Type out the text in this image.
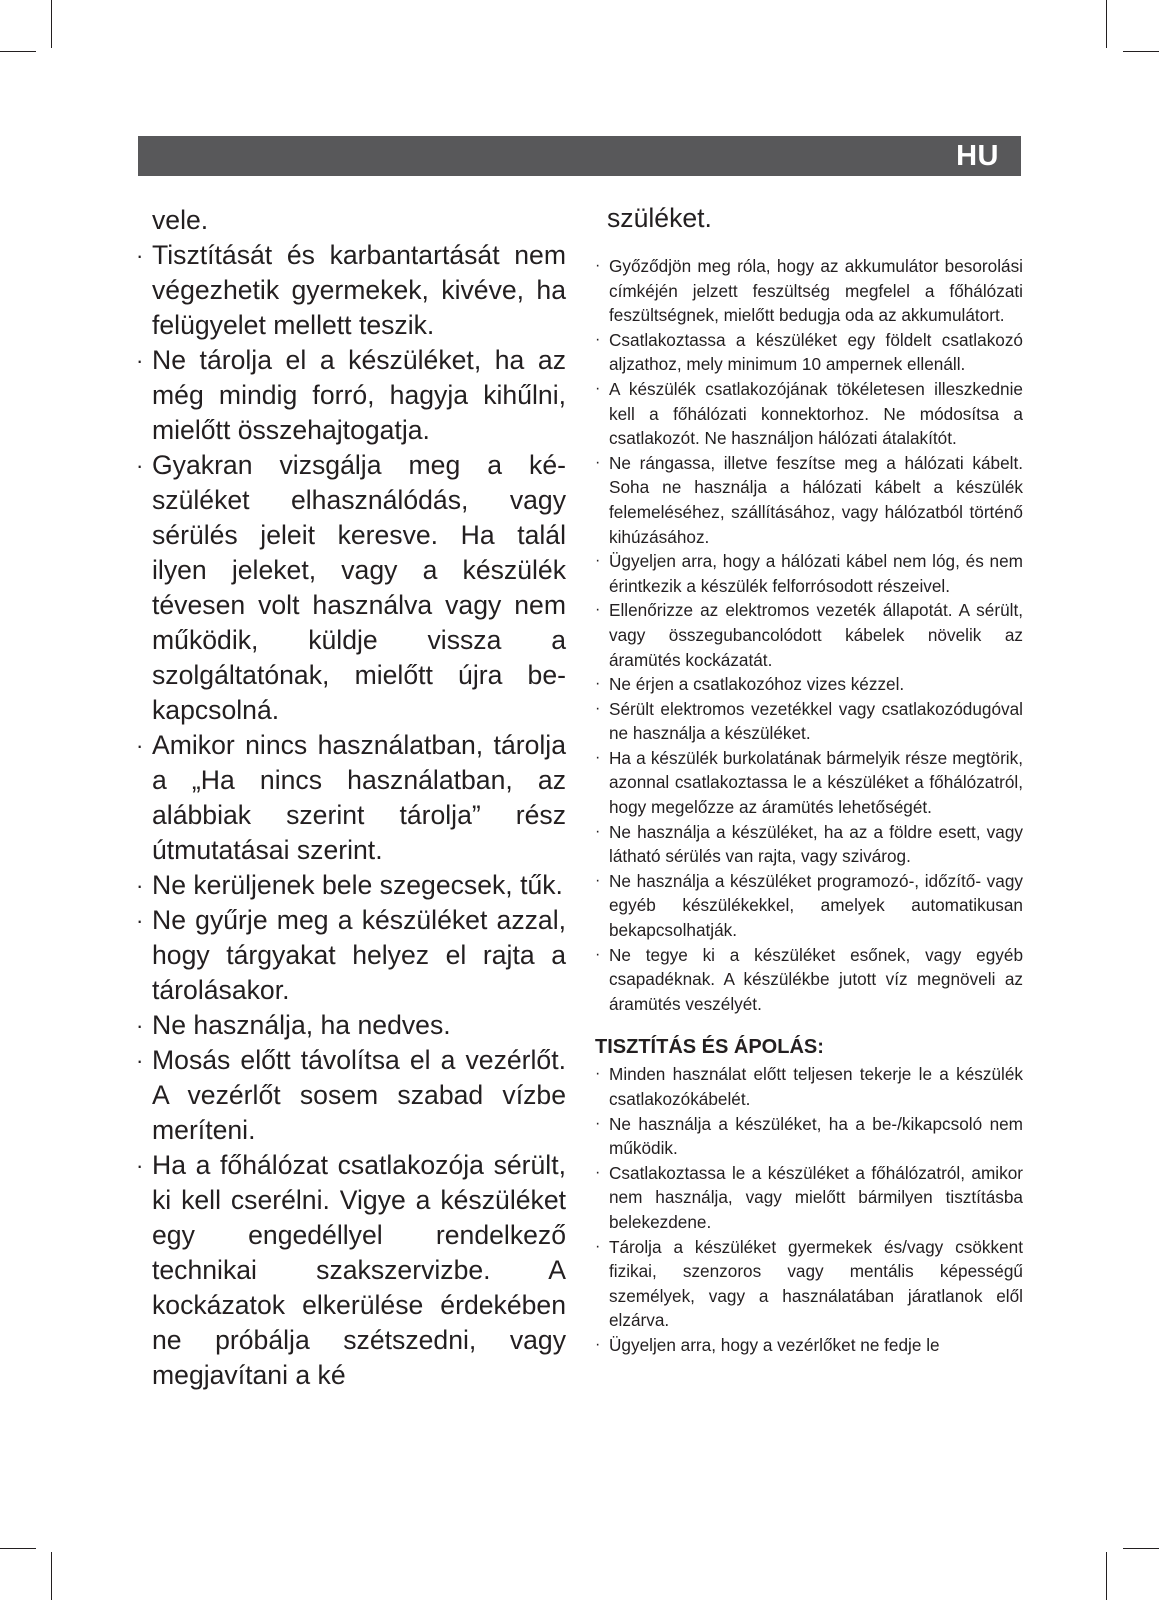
HU
vele.
· Tisztítását és karbantartását nem végezhetik gyermekek, kivéve, ha felügyelet mellett teszik.
· Ne tárolja el a készüléket, ha az még mindig forró, hagyja kihűlni, mielőtt összehajtogatja.
· Gyakran vizsgálja meg a készüléket elhasználódás, vagy sérülés jeleit keresve. Ha talál ilyen jeleket, vagy a készülék tévesen volt használva vagy nem működik, küldje vissza a szolgáltatónak, mielőtt újra bekapcsolná.
· Amikor nincs használatban, tárolja a „Ha nincs használatban, az alábbiak szerint tárolja” rész útmutatásai szerint.
· Ne kerüljenek bele szegecsek, tűk.
· Ne gyűrje meg a készüléket azzal, hogy tárgyakat helyez el rajta a tárolásakor.
· Ne használja, ha nedves.
· Mosás előtt távolítsa el a vezérlőt. A vezérlőt sosem szabad vízbe meríteni.
· Ha a főhálózat csatlakozója sérült, ki kell cserélni. Vigye a készüléket egy engedéllyel rendelkező technikai szakszervizbe. A kockázatok elkerülése érdekében ne próbálja szétszedni, vagy megjavítani a ké
szüléket.
· Győződjön meg róla, hogy az akkumulátor besorolási címkéjén jelzett feszültség megfelel a főhálózati feszültségnek, mielőtt bedugja oda az akkumulátort.
· Csatlakoztassa a készüléket egy földelt csatlakozó aljzathoz, mely minimum 10 ampernek ellenáll.
· A készülék csatlakozójának tökéletesen illeszkednie kell a főhálózati konnektorhoz. Ne módosítsa a csatlakozót. Ne használjon hálózati átalakítót.
· Ne rángassa, illetve feszítse meg a hálózati kábelt. Soha ne használja a hálózati kábelt a készülék felemeléséhez, szállításához, vagy hálózatból történő kihúzásához.
· Ügyeljen arra, hogy a hálózati kábel nem lóg, és nem érintkezik a készülék felforrósodott részeivel.
· Ellenőrizze az elektromos vezeték állapotát. A sérült, vagy összegubancolódott kábelek növelik az áramütés kockázatát.
· Ne érjen a csatlakozóhoz vizes kézzel.
· Sérült elektromos vezetékkel vagy csatlakozódugóval ne használja a készüléket.
· Ha a készülék burkolatának bármelyik része megtörik, azonnal csatlakoztassa le a készüléket a főhálózatról, hogy megelőzze az áramütés lehetőségét.
· Ne használja a készüléket, ha az a földre esett, vagy látható sérülés van rajta, vagy szivárog.
· Ne használja a készüléket programozó-, időzítő- vagy egyéb készülékekkel, amelyek automatikusan bekapcsolhatják.
· Ne tegye ki a készüléket esőnek, vagy egyéb csapadéknak. A készülékbe jutott víz megnöveli az áramütés veszélyét.
TISZTÍTÁS ÉS ÁPOLÁS:
· Minden használat előtt teljesen tekerje le a készülék csatlakozókábelét.
· Ne használja a készüléket, ha a be-/kikapcsoló nem működik.
· Csatlakoztassa le a készüléket a főhálózatról, amikor nem használja, vagy mielőtt bármilyen tisztításba belekezdene.
· Tárolja a készüléket gyermekek és/vagy csökkent fizikai, szenzoros vagy mentális képességű személyek, vagy a használatában járatlanok elől elzárva.
· Ügyeljen arra, hogy a vezérlőket ne fedje le
